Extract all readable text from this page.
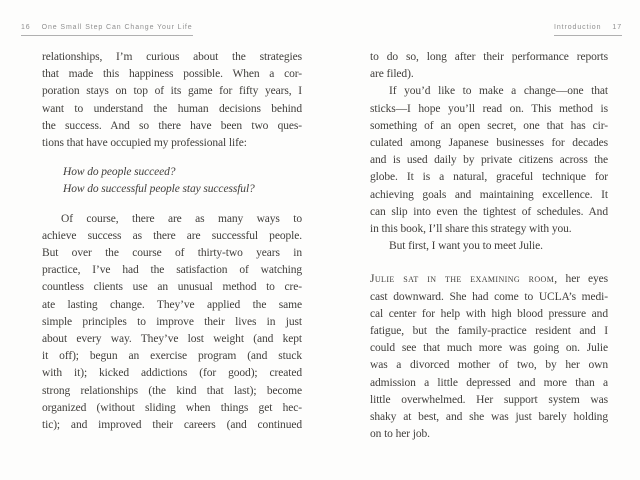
16 One Small Step Can Change Your Life
relationships, I’m curious about the strategies
that made this happiness possible. When a cor-
poration stays on top of its game for fifty years, I
want to understand the human decisions behind
the success. And so there have been two ques-
tions that have occupied my professional life:
How do people succeed?
How do successful people stay successful?
Of course, there are as many ways to
achieve success as there are successful people.
But over the course of thirty-two years in
practice, I’ve had the satisfaction of watching
countless clients use an unusual method to cre-
ate lasting change. They’ve applied the same
simple principles to improve their lives in just
about every way. They’ve lost weight (and kept
it off); begun an exercise program (and stuck
with it); kicked addictions (for good); created
strong relationships (the kind that last); become
organized (without sliding when things get hec-
tic); and improved their careers (and continued
Introduction 17
to do so, long after their performance reports
are filed).
If you’d like to make a change—one that
sticks—I hope you’ll read on. This method is
something of an open secret, one that has cir-
culated among Japanese businesses for decades
and is used daily by private citizens across the
globe. It is a natural, graceful technique for
achieving goals and maintaining excellence. It
can slip into even the tightest of schedules. And
in this book, I’ll share this strategy with you.
But first, I want you to meet Julie.
Julie sat in the examining room, her eyes
cast downward. She had come to UCLA’s medi-
cal center for help with high blood pressure and
fatigue, but the family-practice resident and I
could see that much more was going on. Julie
was a divorced mother of two, by her own
admission a little depressed and more than a
little overwhelmed. Her support system was
shaky at best, and she was just barely holding
on to her job.
